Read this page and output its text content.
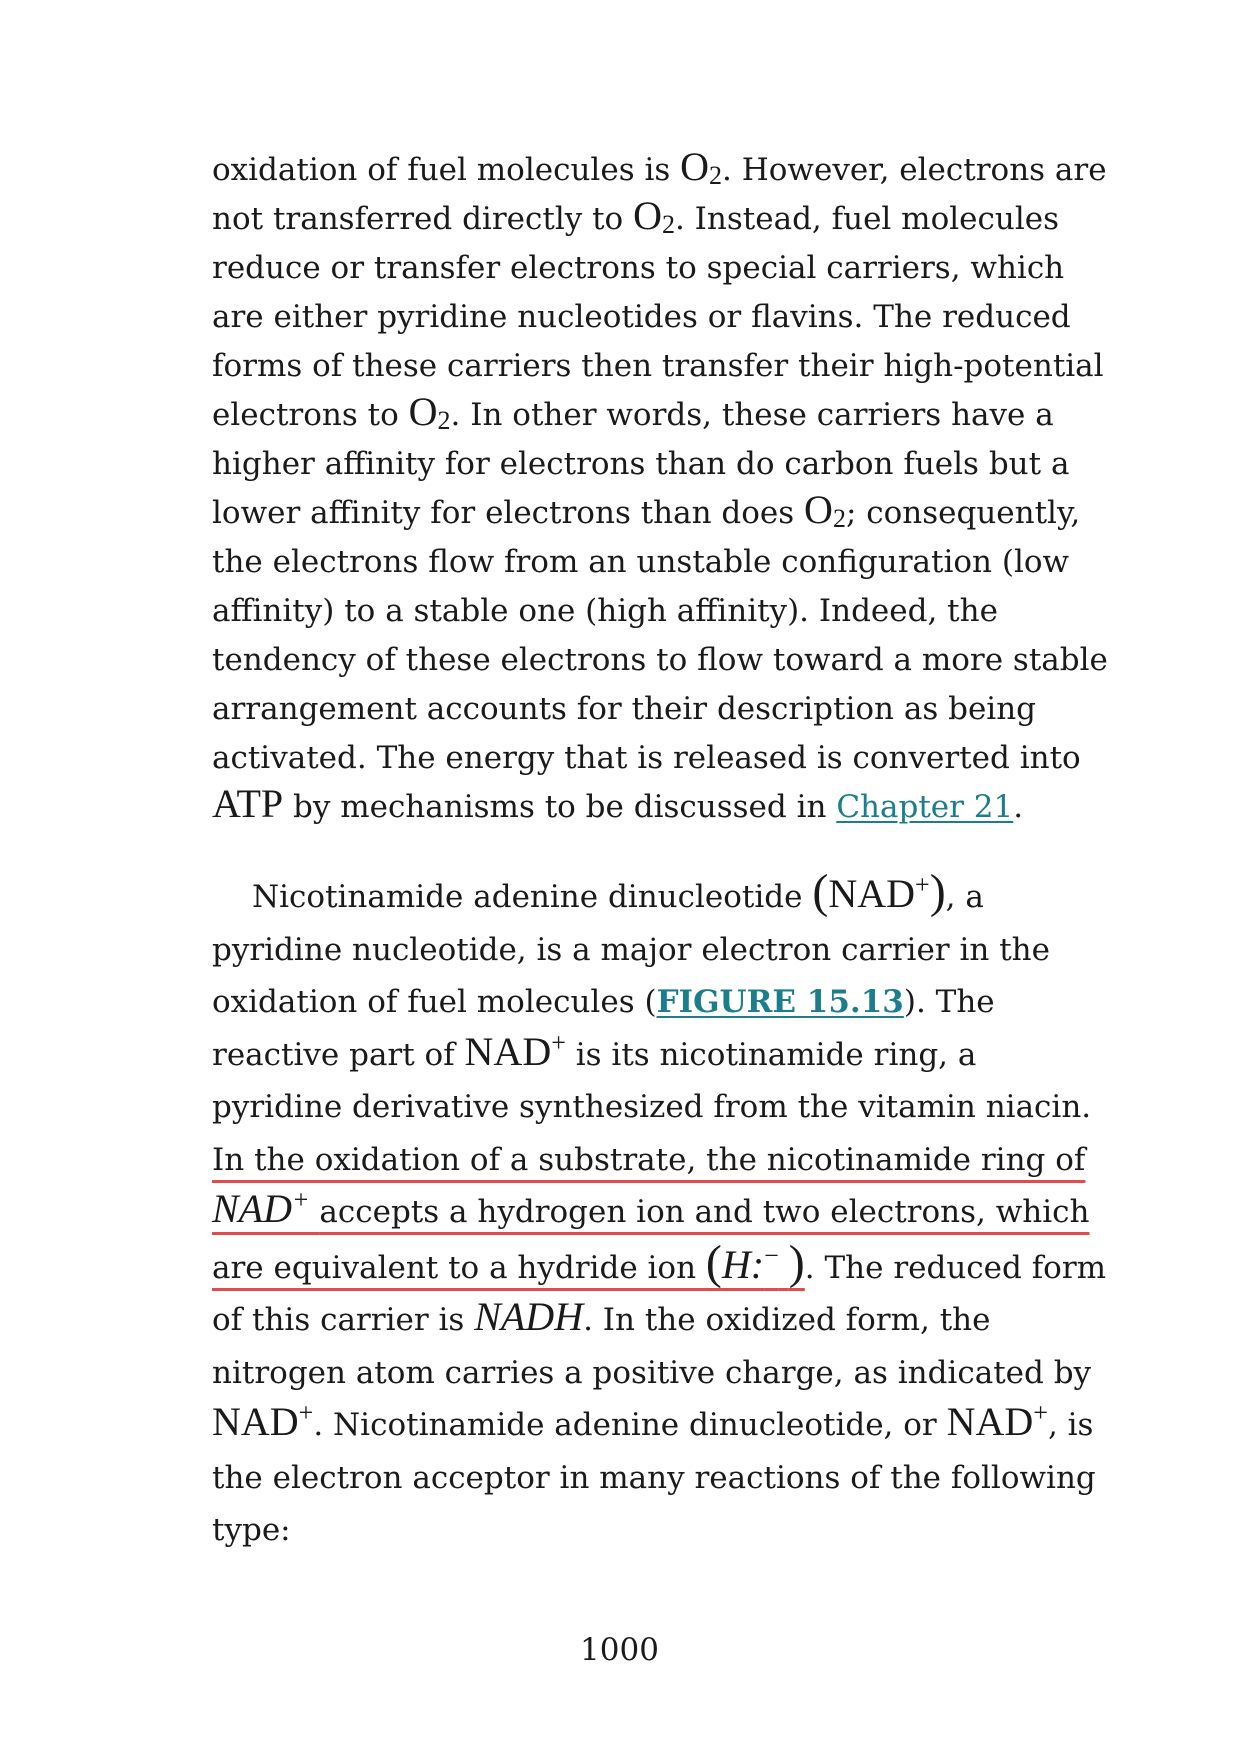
oxidation of fuel molecules is $O_2$. However, electrons are not transferred directly to $O_2$. Instead, fuel molecules reduce or transfer electrons to special carriers, which are either pyridine nucleotides or flavins. The reduced forms of these carriers then transfer their high-potential electrons to $O_2$. In other words, these carriers have a higher affinity for electrons than do carbon fuels but a lower affinity for electrons than does $O_2$; consequently, the electrons flow from an unstable configuration (low affinity) to a stable one (high affinity). Indeed, the tendency of these electrons to flow toward a more stable arrangement accounts for their description as being activated. The energy that is released is converted into ATP by mechanisms to be discussed in Chapter 21.

Nicotinamide adenine dinucleotide (NAD+), a pyridine nucleotide, is a major electron carrier in the oxidation of fuel molecules (FIGURE 15.13). The reactive part of NAD+ is its nicotinamide ring, a pyridine derivative synthesized from the vitamin niacin. In the oxidation of a substrate, the nicotinamide ring of NAD+ accepts a hydrogen ion and two electrons, which are equivalent to a hydride ion (H:− ). The reduced form of this carrier is NADH. In the oxidized form, the nitrogen atom carries a positive charge, as indicated by NAD+. Nicotinamide adenine dinucleotide, or NAD+, is the electron acceptor in many reactions of the following type:

1000
